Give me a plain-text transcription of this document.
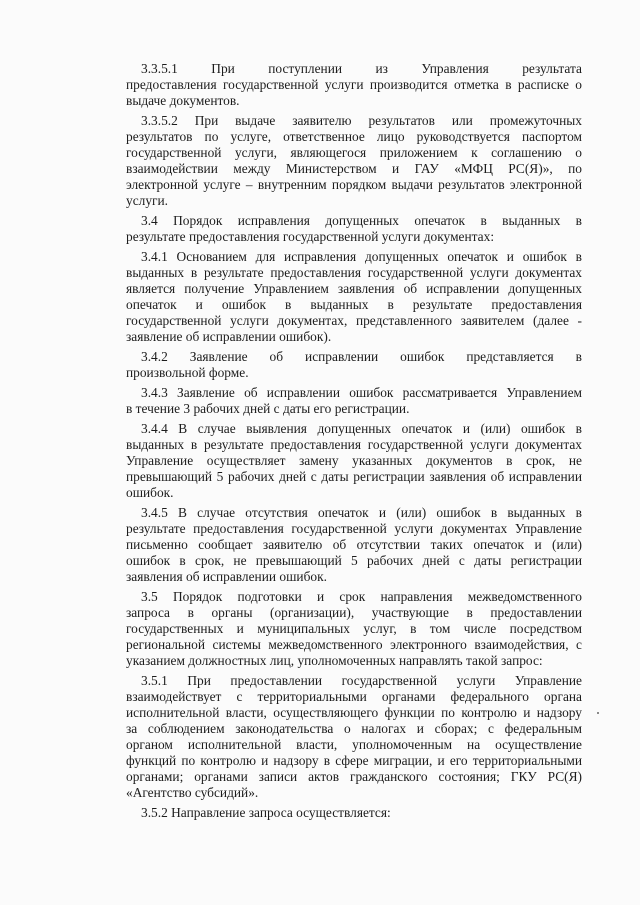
3.3.5.1 При поступлении из Управления результата
предоставления государственной услуги производится отметка в расписке о
выдаче документов.
3.3.5.2 При выдаче заявителю результатов или промежуточных
результатов по услуге, ответственное лицо руководствуется паспортом
государственной услуги, являющегося приложением к соглашению о
взаимодействии между Министерством и ГАУ «МФЦ РС(Я)», по
электронной услуге – внутренним порядком выдачи результатов электронной
услуги.
3.4 Порядок исправления допущенных опечаток в выданных в
результате предоставления государственной услуги документах:
3.4.1 Основанием для исправления допущенных опечаток и ошибок в
выданных в результате предоставления государственной услуги документах
является получение Управлением заявления об исправлении допущенных
опечаток и ошибок в выданных в результате предоставления
государственной услуги документах, представленного заявителем (далее -
заявление об исправлении ошибок).
3.4.2 Заявление об исправлении ошибок представляется в
произвольной форме.
3.4.3 Заявление об исправлении ошибок рассматривается Управлением
в течение 3 рабочих дней с даты его регистрации.
3.4.4 В случае выявления допущенных опечаток и (или) ошибок в
выданных в результате предоставления государственной услуги документах
Управление осуществляет замену указанных документов в срок, не
превышающий 5 рабочих дней с даты регистрации заявления об исправлении
ошибок.
3.4.5 В случае отсутствия опечаток и (или) ошибок в выданных в
результате предоставления государственной услуги документах Управление
письменно сообщает заявителю об отсутствии таких опечаток и (или)
ошибок в срок, не превышающий 5 рабочих дней с даты регистрации
заявления об исправлении ошибок.
3.5 Порядок подготовки и срок направления межведомственного
запроса в органы (организации), участвующие в предоставлении
государственных и муниципальных услуг, в том числе посредством
региональной системы межведомственного электронного взаимодействия, с
указанием должностных лиц, уполномоченных направлять такой запрос:
3.5.1 При предоставлении государственной услуги Управление
взаимодействует с территориальными органами федерального органа
исполнительной власти, осуществляющего функции по контролю и надзору
за соблюдением законодательства о налогах и сборах; с федеральным
органом исполнительной власти, уполномоченным на осуществление
функций по контролю и надзору в сфере миграции, и его территориальными
органами; органами записи актов гражданского состояния; ГКУ РС(Я)
«Агентство субсидий».
3.5.2 Направление запроса осуществляется:
